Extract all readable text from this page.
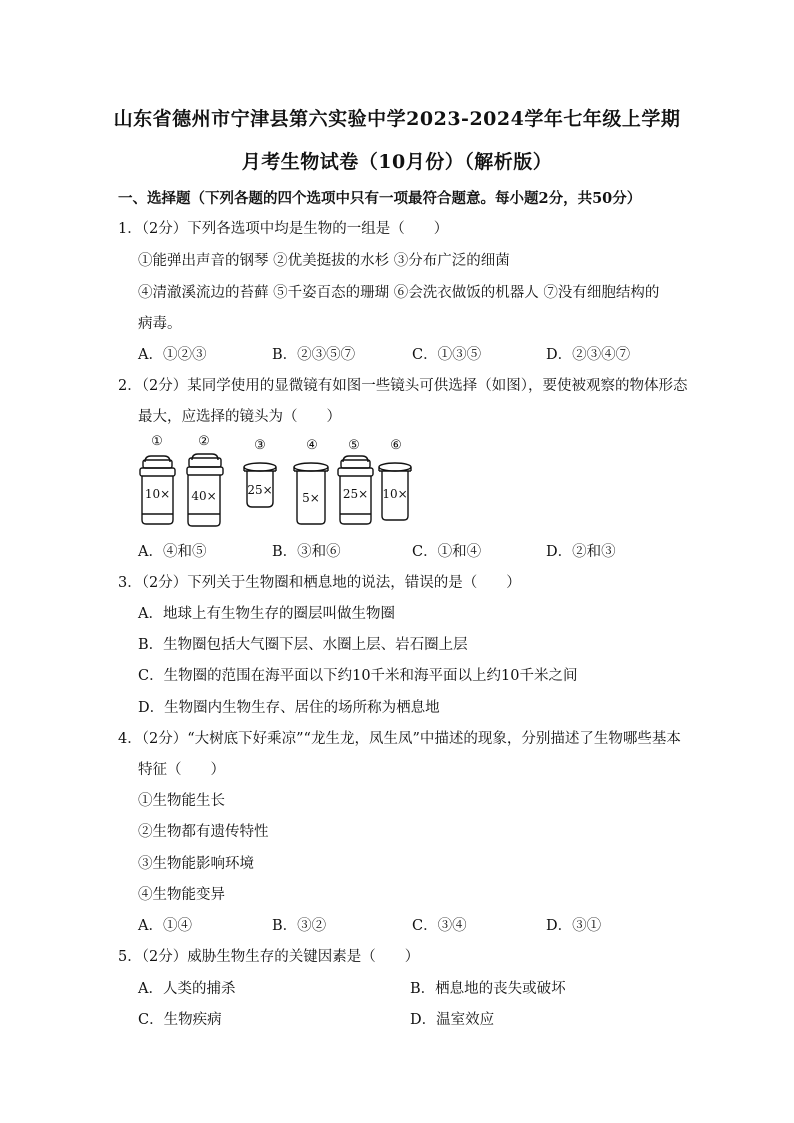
山东省德州市宁津县第六实验中学2023-2024学年七年级上学期
月考生物试卷（10月份）（解析版）
一、选择题（下列各题的四个选项中只有一项最符合题意。每小题2分，共50分）
1．（2分）下列各选项中均是生物的一组是（　　）
①能弹出声音的钢琴 ②优美挺拔的水杉 ③分布广泛的细菌
④清澈溪流边的苔藓 ⑤千姿百态的珊瑚 ⑥会洗衣做饭的机器人 ⑦没有细胞结构的
病毒。
A．①②③	B．②③⑤⑦	C．①③⑤	D．②③④⑦
2．（2分）某同学使用的显微镜有如图一些镜头可供选择（如图），要使被观察的物体形态
最大，应选择的镜头为（　　）
①	②	③	④	⑤	⑥
10× 40×	25×
5× 25× 10×
A．④和⑤	B．③和⑥	C．①和④	D．②和③
3．（2分）下列关于生物圈和栖息地的说法，错误的是（　　）
A．地球上有生物生存的圈层叫做生物圈
B．生物圈包括大气圈下层、水圈上层、岩石圈上层
C．生物圈的范围在海平面以下约10千米和海平面以上约10千米之间
D．生物圈内生物生存、居住的场所称为栖息地
4．（2分）“大树底下好乘凉”“龙生龙，凤生凤”中描述的现象，分别描述了生物哪些基本
特征（　　）
①生物能生长
②生物都有遗传特性
③生物能影响环境
④生物能变异
A．①④	B．③②	C．③④	D．③①
5．（2分）威胁生物生存的关键因素是（　　）
A．人类的捕杀	B．栖息地的丧失或破坏
C．生物疾病	D．温室效应
